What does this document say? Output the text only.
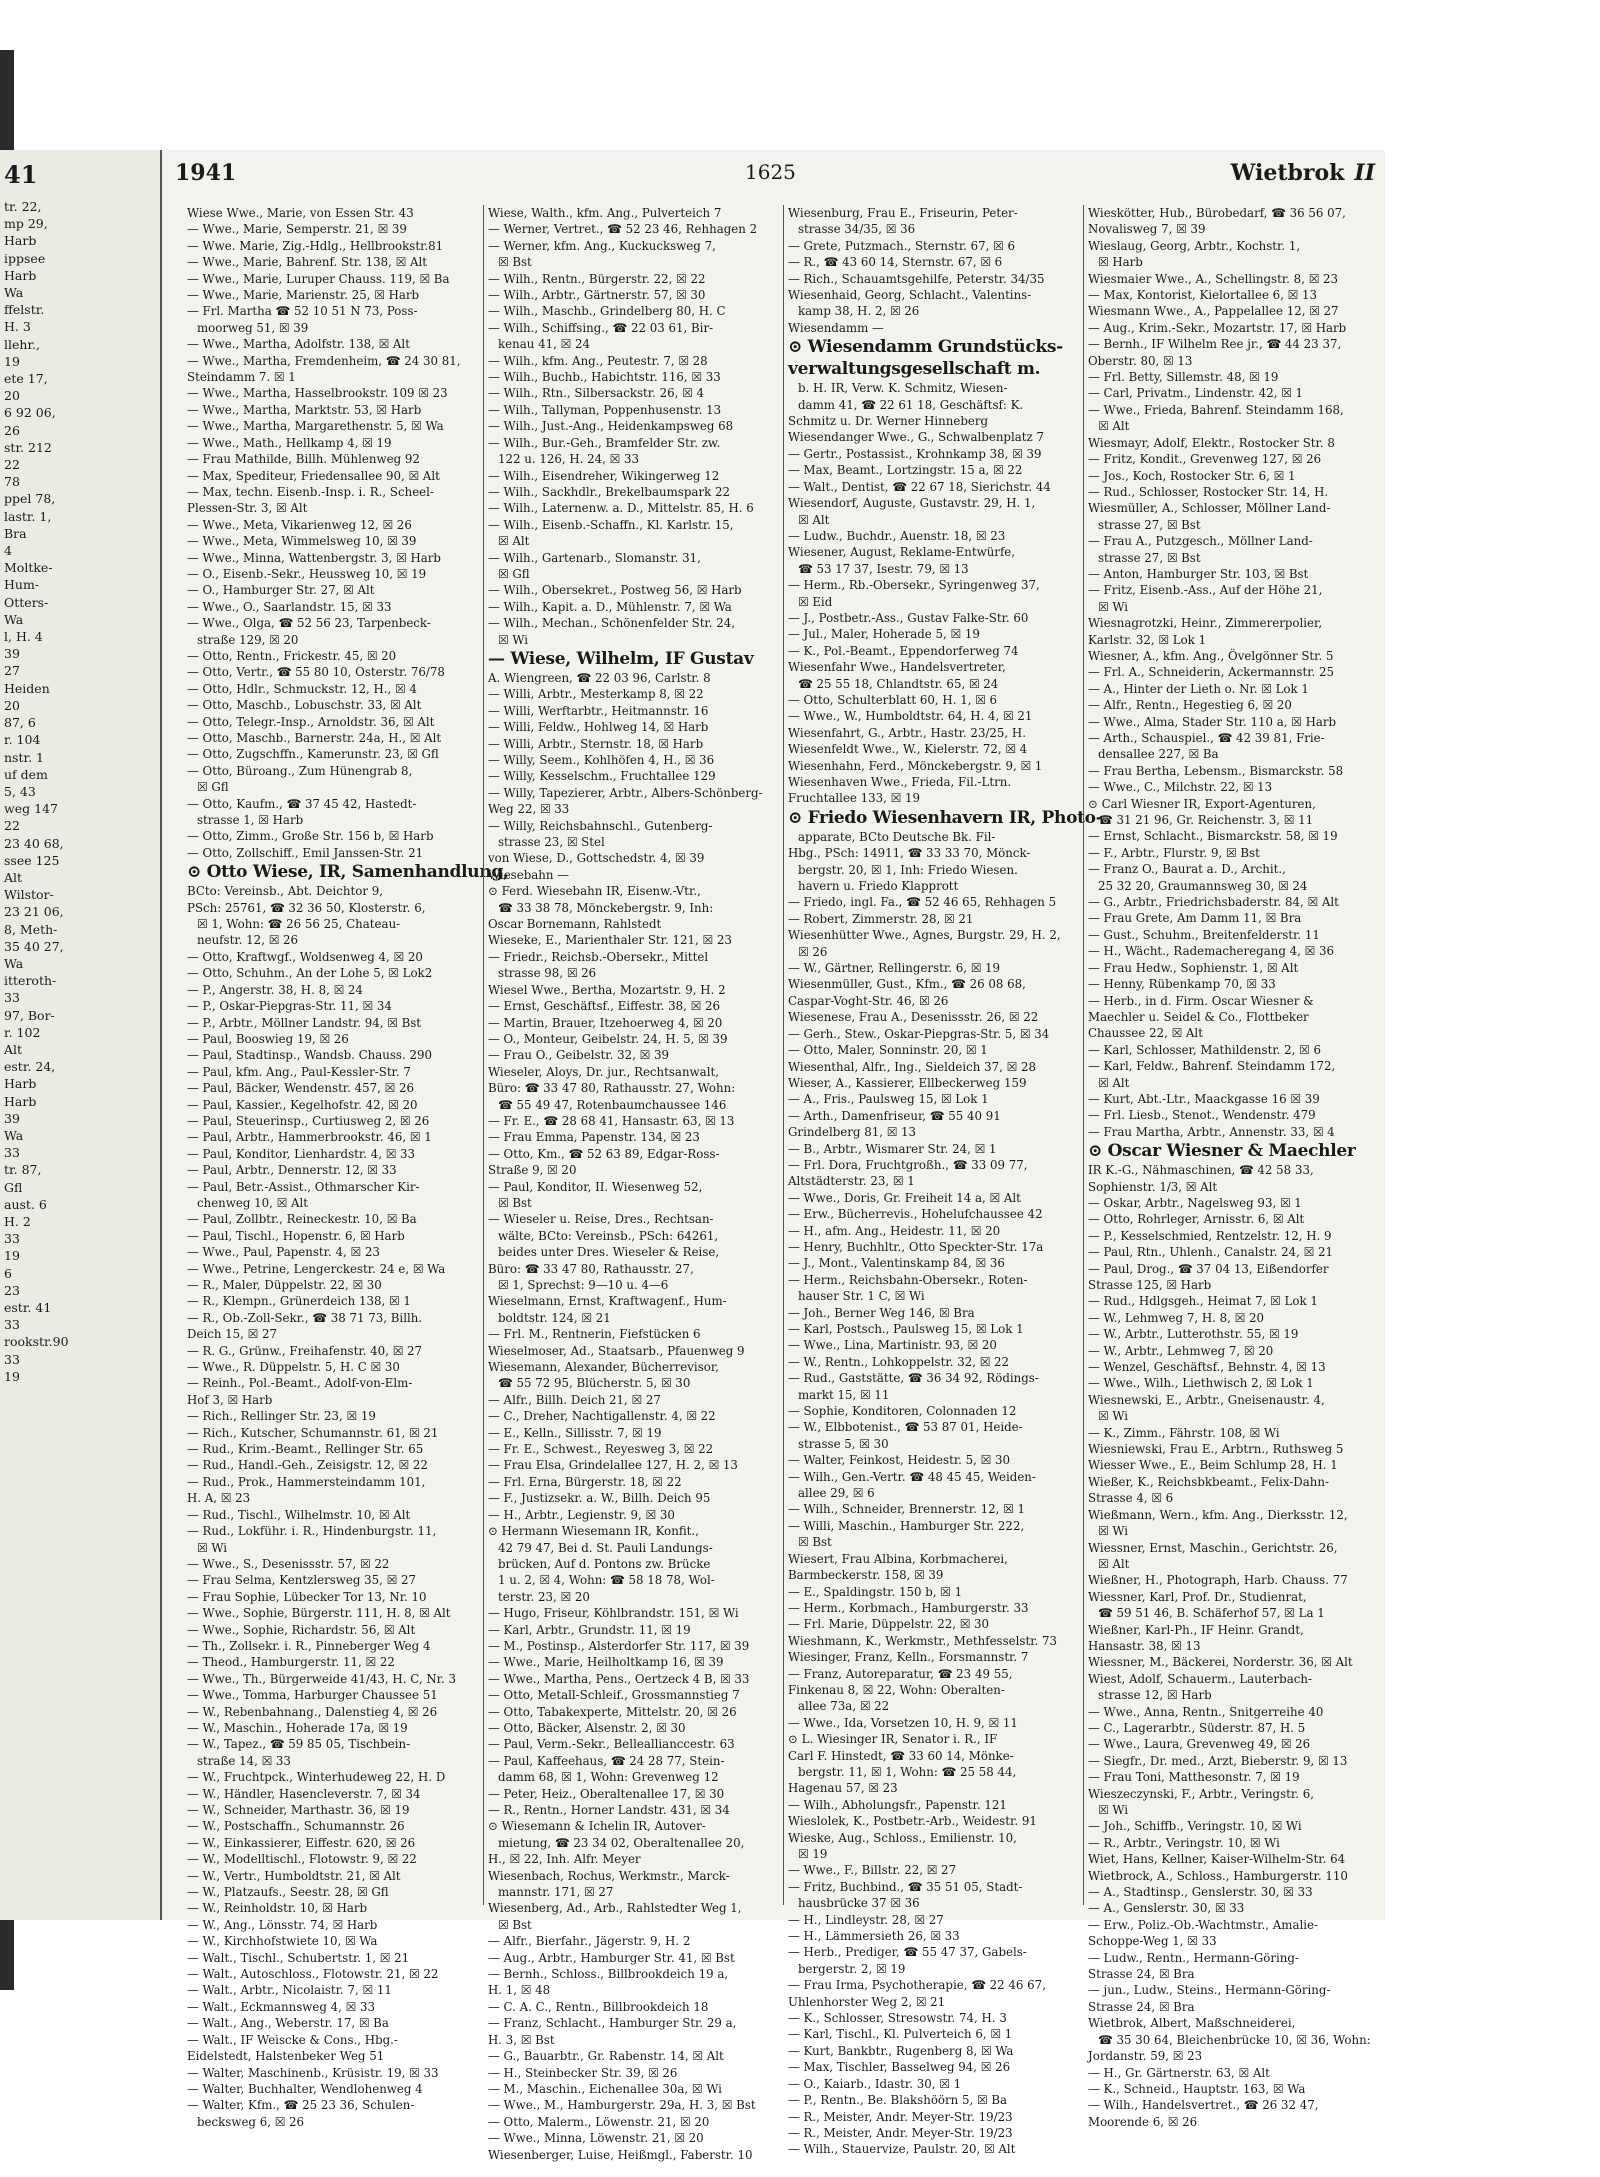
41
tr. 22,
mp 29,
Harb
ippsee
Harb
Wa
ffelstr.
H. 3
llehr.,
19
ete 17,
20
6 92 06,
26
str. 212
22
78
ppel 78,
lastr. 1,
Bra
4
Moltke-
Hum-
Otters-
Wa
l, H. 4
39
27
Heiden
20
87, 6
r. 104
nstr. 1
uf dem
5, 43
weg 147
22
23 40 68,
ssee 125
Alt
Wilstor-
23 21 06,
8, Meth-
35 40 27,
Wa
itteroth-
33
97, Bor-
r. 102
Alt
estr. 24,
Harb
Harb
39
Wa
33
tr. 87,
Gfl
aust. 6
H. 2
33
19
6
23
estr. 41
33
rookstr.90
33
19
1941	1625	Wietbrok II
Wiese Wwe., Marie, von Essen Str. 43
— Wwe., Marie, Semperstr. 21, ☒ 39
— Wwe. Marie, Zig.-Hdlg., Hellbrookstr.81
— Wwe., Marie, Bahrenf. Str. 138, ☒ Alt
— Wwe., Marie, Luruper Chauss. 119, ☒ Ba
— Wwe., Marie, Marienstr. 25, ☒ Harb
— Frl. Martha ☎ 52 10 51 N 73, Poss-
moorweg 51, ☒ 39
— Wwe., Martha, Adolfstr. 138, ☒ Alt
— Wwe., Martha, Fremdenheim, ☎ 24 30 81,
Steindamm 7. ☒ 1
— Wwe., Martha, Hasselbrookstr. 109 ☒ 23
— Wwe., Martha, Marktstr. 53, ☒ Harb
— Wwe., Martha, Margarethenstr. 5, ☒ Wa
— Wwe., Math., Hellkamp 4, ☒ 19
— Frau Mathilde, Billh. Mühlenweg 92
— Max, Spediteur, Friedensallee 90, ☒ Alt
— Max, techn. Eisenb.-Insp. i. R., Scheel-
Plessen-Str. 3, ☒ Alt
— Wwe., Meta, Vikarienweg 12, ☒ 26
— Wwe., Meta, Wimmelsweg 10, ☒ 39
— Wwe., Minna, Wattenbergstr. 3, ☒ Harb
— O., Eisenb.-Sekr., Heussweg 10, ☒ 19
— O., Hamburger Str. 27, ☒ Alt
— Wwe., O., Saarlandstr. 15, ☒ 33
— Wwe., Olga, ☎ 52 56 23, Tarpenbeck-
straße 129, ☒ 20
— Otto, Rentn., Frickestr. 45, ☒ 20
— Otto, Vertr., ☎ 55 80 10, Osterstr. 76/78
— Otto, Hdlr., Schmuckstr. 12, H., ☒ 4
— Otto, Maschb., Lobuschstr. 33, ☒ Alt
— Otto, Telegr.-Insp., Arnoldstr. 36, ☒ Alt
— Otto, Maschb., Barnerstr. 24a, H., ☒ Alt
— Otto, Zugschffn., Kamerunstr. 23, ☒ Gfl
— Otto, Büroang., Zum Hünengrab 8,
☒ Gfl
— Otto, Kaufm., ☎ 37 45 42, Hastedt-
strasse 1, ☒ Harb
— Otto, Zimm., Große Str. 156 b, ☒ Harb
— Otto, Zollschiff., Emil Janssen-Str. 21
⊙ Otto Wiese, IR, Samenhandlung,
BCto: Vereinsb., Abt. Deichtor 9,
PSch: 25761, ☎ 32 36 50, Klosterstr. 6,
☒ 1, Wohn: ☎ 26 56 25, Chateau-
neufstr. 12, ☒ 26
— Otto, Kraftwgf., Woldsenweg 4, ☒ 20
— Otto, Schuhm., An der Lohe 5, ☒ Lok2
— P., Angerstr. 38, H. 8, ☒ 24
— P., Oskar-Piepgras-Str. 11, ☒ 34
— P., Arbtr., Möllner Landstr. 94, ☒ Bst
— Paul, Booswieg 19, ☒ 26
— Paul, Stadtinsp., Wandsb. Chauss. 290
— Paul, kfm. Ang., Paul-Kessler-Str. 7
— Paul, Bäcker, Wendenstr. 457, ☒ 26
— Paul, Kassier., Kegelhofstr. 42, ☒ 20
— Paul, Steuerinsp., Curtiusweg 2, ☒ 26
— Paul, Arbtr., Hammerbrookstr. 46, ☒ 1
— Paul, Konditor, Lienhardstr. 4, ☒ 33
— Paul, Arbtr., Dennerstr. 12, ☒ 33
— Paul, Betr.-Assist., Othmarscher Kir-
chenweg 10, ☒ Alt
— Paul, Zollbtr., Reineckestr. 10, ☒ Ba
— Paul, Tischl., Hopenstr. 6, ☒ Harb
— Wwe., Paul, Papenstr. 4, ☒ 23
— Wwe., Petrine, Lengerckestr. 24 e, ☒ Wa
— R., Maler, Düppelstr. 22, ☒ 30
— R., Klempn., Grünerdeich 138, ☒ 1
— R., Ob.-Zoll-Sekr., ☎ 38 71 73, Billh.
Deich 15, ☒ 27
— R. G., Grünw., Freihafenstr. 40, ☒ 27
— Wwe., R. Düppelstr. 5, H. C ☒ 30
— Reinh., Pol.-Beamt., Adolf-von-Elm-
Hof 3, ☒ Harb
— Rich., Rellinger Str. 23, ☒ 19
— Rich., Kutscher, Schumannstr. 61, ☒ 21
— Rud., Krim.-Beamt., Rellinger Str. 65
— Rud., Handl.-Geh., Zeisigstr. 12, ☒ 22
— Rud., Prok., Hammersteindamm 101,
H. A, ☒ 23
— Rud., Tischl., Wilhelmstr. 10, ☒ Alt
— Rud., Lokführ. i. R., Hindenburgstr. 11,
☒ Wi
— Wwe., S., Desenissstr. 57, ☒ 22
— Frau Selma, Kentzlersweg 35, ☒ 27
— Frau Sophie, Lübecker Tor 13, Nr. 10
— Wwe., Sophie, Bürgerstr. 111, H. 8, ☒ Alt
— Wwe., Sophie, Richardstr. 56, ☒ Alt
— Th., Zollsekr. i. R., Pinneberger Weg 4
— Theod., Hamburgerstr. 11, ☒ 22
— Wwe., Th., Bürgerweide 41/43, H. C, Nr. 3
— Wwe., Tomma, Harburger Chaussee 51
— W., Rebenbahnang., Dalenstieg 4, ☒ 26
— W., Maschin., Hoherade 17a, ☒ 19
— W., Tapez., ☎ 59 85 05, Tischbein-
straße 14, ☒ 33
— W., Fruchtpck., Winterhudeweg 22, H. D
— W., Händler, Hasencleverstr. 7, ☒ 34
— W., Schneider, Marthastr. 36, ☒ 19
— W., Postschaffn., Schumannstr. 26
— W., Einkassierer, Eiffestr. 620, ☒ 26
— W., Modelltischl., Flotowstr. 9, ☒ 22
— W., Vertr., Humboldtstr. 21, ☒ Alt
— W., Platzaufs., Seestr. 28, ☒ Gfl
— W., Reinholdstr. 10, ☒ Harb
— W., Ang., Lönsstr. 74, ☒ Harb
— W., Kirchhofstwiete 10, ☒ Wa
— Walt., Tischl., Schubertstr. 1, ☒ 21
— Walt., Autoschloss., Flotowstr. 21, ☒ 22
— Walt., Arbtr., Nicolaistr. 7, ☒ 11
— Walt., Eckmannsweg 4, ☒ 33
— Walt., Ang., Weberstr. 17, ☒ Ba
— Walt., IF Weiscke & Cons., Hbg.-
Eidelstedt, Halstenbeker Weg 51
— Walter, Maschinenb., Krüsistr. 19, ☒ 33
— Walter, Buchhalter, Wendlohenweg 4
— Walter, Kfm., ☎ 25 23 36, Schulen-
becksweg 6, ☒ 26
Wiese, Walth., kfm. Ang., Pulverteich 7
— Werner, Vertret., ☎ 52 23 46, Rehhagen 2
— Werner, kfm. Ang., Kuckucksweg 7,
☒ Bst
— Wilh., Rentn., Bürgerstr. 22, ☒ 22
— Wilh., Arbtr., Gärtnerstr. 57, ☒ 30
— Wilh., Maschb., Grindelberg 80, H. C
— Wilh., Schiffsing., ☎ 22 03 61, Bir-
kenau 41, ☒ 24
— Wilh., kfm. Ang., Peutestr. 7, ☒ 28
— Wilh., Buchb., Habichtstr. 116, ☒ 33
— Wilh., Rtn., Silbersackstr. 26, ☒ 4
— Wilh., Tallyman, Poppenhusenstr. 13
— Wilh., Just.-Ang., Heidenkampsweg 68
— Wilh., Bur.-Geh., Bramfelder Str. zw.
122 u. 126, H. 24, ☒ 33
— Wilh., Eisendreher, Wikingerweg 12
— Wilh., Sackhdlr., Brekelbaumspark 22
— Wilh., Laternenw. a. D., Mittelstr. 85, H. 6
— Wilh., Eisenb.-Schaffn., Kl. Karlstr. 15,
☒ Alt
— Wilh., Gartenarb., Slomanstr. 31,
☒ Gfl
— Wilh., Obersekret., Postweg 56, ☒ Harb
— Wilh., Kapit. a. D., Mühlenstr. 7, ☒ Wa
— Wilh., Mechan., Schönenfelder Str. 24,
☒ Wi
— Wiese, Wilhelm, IF Gustav
A. Wiengreen, ☎ 22 03 96, Carlstr. 8
— Willi, Arbtr., Mesterkamp 8, ☒ 22
— Willi, Werftarbtr., Heitmannstr. 16
— Willi, Feldw., Hohlweg 14, ☒ Harb
— Willi, Arbtr., Sternstr. 18, ☒ Harb
— Willy, Seem., Kohlhöfen 4, H., ☒ 36
— Willy, Kesselschm., Fruchtallee 129
— Willy, Tapezierer, Arbtr., Albers-Schönberg-
Weg 22, ☒ 33
— Willy, Reichsbahnschl., Gutenberg-
strasse 23, ☒ Stel
von Wiese, D., Gottschedstr. 4, ☒ 39
Wiesebahn —
⊙ Ferd. Wiesebahn IR, Eisenw.-Vtr.,
☎ 33 38 78, Mönckebergstr. 9, Inh:
Oscar Bornemann, Rahlstedt
Wieseke, E., Marienthaler Str. 121, ☒ 23
— Friedr., Reichsb.-Obersekr., Mittel
strasse 98, ☒ 26
Wiesel Wwe., Bertha, Mozartstr. 9, H. 2
— Ernst, Geschäftsf., Eiffestr. 38, ☒ 26
— Martin, Brauer, Itzehoerweg 4, ☒ 20
— O., Monteur, Geibelstr. 24, H. 5, ☒ 39
— Frau O., Geibelstr. 32, ☒ 39
Wieseler, Aloys, Dr. jur., Rechtsanwalt,
Büro: ☎ 33 47 80, Rathausstr. 27, Wohn:
☎ 55 49 47, Rotenbaumchaussee 146
— Fr. E., ☎ 28 68 41, Hansastr. 63, ☒ 13
— Frau Emma, Papenstr. 134, ☒ 23
— Otto, Km., ☎ 52 63 89, Edgar-Ross-
Straße 9, ☒ 20
— Paul, Konditor, II. Wiesenweg 52,
☒ Bst
— Wieseler u. Reise, Dres., Rechtsan-
wälte, BCto: Vereinsb., PSch: 64261,
beides unter Dres. Wieseler & Reise,
Büro: ☎ 33 47 80, Rathausstr. 27,
☒ 1, Sprechst: 9—10 u. 4—6
Wieselmann, Ernst, Kraftwagenf., Hum-
boldtstr. 124, ☒ 21
— Frl. M., Rentnerin, Fiefstücken 6
Wieselmoser, Ad., Staatsarb., Pfauenweg 9
Wiesemann, Alexander, Bücherrevisor,
☎ 55 72 95, Blücherstr. 5, ☒ 30
— Alfr., Billh. Deich 21, ☒ 27
— C., Dreher, Nachtigallenstr. 4, ☒ 22
— E., Kelln., Sillisstr. 7, ☒ 19
— Fr. E., Schwest., Reyesweg 3, ☒ 22
— Frau Elsa, Grindelallee 127, H. 2, ☒ 13
— Frl. Erna, Bürgerstr. 18, ☒ 22
— F., Justizsekr. a. W., Billh. Deich 95
— H., Arbtr., Legienstr. 9, ☒ 30
⊙ Hermann Wiesemann IR, Konfit.,
42 79 47, Bei d. St. Pauli Landungs-
brücken, Auf d. Pontons zw. Brücke
1 u. 2, ☒ 4, Wohn: ☎ 58 18 78, Wol-
terstr. 23, ☒ 20
— Hugo, Friseur, Köhlbrandstr. 151, ☒ Wi
— Karl, Arbtr., Grundstr. 11, ☒ 19
— M., Postinsp., Alsterdorfer Str. 117, ☒ 39
— Wwe., Marie, Heilholtkamp 16, ☒ 39
— Wwe., Martha, Pens., Oertzeck 4 B, ☒ 33
— Otto, Metall-Schleif., Grossmannstieg 7
— Otto, Tabakexperte, Mittelstr. 20, ☒ 26
— Otto, Bäcker, Alsenstr. 2, ☒ 30
— Paul, Verm.-Sekr., Belleallianccestr. 63
— Paul, Kaffeehaus, ☎ 24 28 77, Stein-
damm 68, ☒ 1, Wohn: Grevenweg 12
— Peter, Heiz., Oberaltenallee 17, ☒ 30
— R., Rentn., Horner Landstr. 431, ☒ 34
⊙ Wiesemann & Ichelin IR, Autover-
mietung, ☎ 23 34 02, Oberaltenallee 20,
H., ☒ 22, Inh. Alfr. Meyer
Wiesenbach, Rochus, Werkmstr., Marck-
mannstr. 171, ☒ 27
Wiesenberg, Ad., Arb., Rahlstedter Weg 1,
☒ Bst
— Alfr., Bierfahr., Jägerstr. 9, H. 2
— Aug., Arbtr., Hamburger Str. 41, ☒ Bst
— Bernh., Schloss., Billbrookdeich 19 a,
H. 1, ☒ 48
— C. A. C., Rentn., Billbrookdeich 18
— Franz, Schlacht., Hamburger Str. 29 a,
H. 3, ☒ Bst
— G., Bauarbtr., Gr. Rabenstr. 14, ☒ Alt
— H., Steinbecker Str. 39, ☒ 26
— M., Maschin., Eichenallee 30a, ☒ Wi
— Wwe., M., Hamburgerstr. 29a, H. 3, ☒ Bst
— Otto, Malerm., Löwenstr. 21, ☒ 20
— Wwe., Minna, Löwenstr. 21, ☒ 20
Wiesenberger, Luise, Heißmgl., Faberstr. 10
Wiesenburg, Frau E., Friseurin, Peter-
strasse 34/35, ☒ 36
— Grete, Putzmach., Sternstr. 67, ☒ 6
— R., ☎ 43 60 14, Sternstr. 67, ☒ 6
— Rich., Schauamtsgehilfe, Peterstr. 34/35
Wiesenhaid, Georg, Schlacht., Valentins-
kamp 38, H. 2, ☒ 26
Wiesendamm —
⊙ Wiesendamm Grundstücks-
verwaltungsgesellschaft m.
b. H. IR, Verw. K. Schmitz, Wiesen-
damm 41, ☎ 22 61 18, Geschäftsf: K.
Schmitz u. Dr. Werner Hinneberg
Wiesendanger Wwe., G., Schwalbenplatz 7
— Gertr., Postassist., Krohnkamp 38, ☒ 39
— Max, Beamt., Lortzingstr. 15 a, ☒ 22
— Walt., Dentist, ☎ 22 67 18, Sierichstr. 44
Wiesendorf, Auguste, Gustavstr. 29, H. 1,
☒ Alt
— Ludw., Buchdr., Auenstr. 18, ☒ 23
Wiesener, August, Reklame-Entwürfe,
☎ 53 17 37, Isestr. 79, ☒ 13
— Herm., Rb.-Obersekr., Syringenweg 37,
☒ Eid
— J., Postbetr.-Ass., Gustav Falke-Str. 60
— Jul., Maler, Hoherade 5, ☒ 19
— K., Pol.-Beamt., Eppendorferweg 74
Wiesenfahr Wwe., Handelsvertreter,
☎ 25 55 18, Chlandtstr. 65, ☒ 24
— Otto, Schulterblatt 60, H. 1, ☒ 6
— Wwe., W., Humboldtstr. 64, H. 4, ☒ 21
Wiesenfahrt, G., Arbtr., Hastr. 23/25, H.
Wiesenfeldt Wwe., W., Kielerstr. 72, ☒ 4
Wiesenhahn, Ferd., Mönckebergstr. 9, ☒ 1
Wiesenhaven Wwe., Frieda, Fil.-Ltrn.
Fruchtallee 133, ☒ 19
⊙ Friedo Wiesenhavern IR, Photo-
apparate, BCto Deutsche Bk. Fil-
Hbg., PSch: 14911, ☎ 33 33 70, Mönck-
bergstr. 20, ☒ 1, Inh: Friedo Wiesen.
havern u. Friedo Klapprott
— Friedo, ingl. Fa., ☎ 52 46 65, Rehhagen 5
— Robert, Zimmerstr. 28, ☒ 21
Wiesenhütter Wwe., Agnes, Burgstr. 29, H. 2,
☒ 26
— W., Gärtner, Rellingerstr. 6, ☒ 19
Wiesenmüller, Gust., Kfm., ☎ 26 08 68,
Caspar-Voght-Str. 46, ☒ 26
Wiesenese, Frau A., Desenissstr. 26, ☒ 22
— Gerh., Stew., Oskar-Piepgras-Str. 5, ☒ 34
— Otto, Maler, Sonninstr. 20, ☒ 1
Wiesenthal, Alfr., Ing., Sieldeich 37, ☒ 28
Wieser, A., Kassierer, Ellbeckerweg 159
— A., Fris., Paulsweg 15, ☒ Lok 1
— Arth., Damenfriseur, ☎ 55 40 91
Grindelberg 81, ☒ 13
— B., Arbtr., Wismarer Str. 24, ☒ 1
— Frl. Dora, Fruchtgroßh., ☎ 33 09 77,
Altstädterstr. 23, ☒ 1
— Wwe., Doris, Gr. Freiheit 14 a, ☒ Alt
— Erw., Bücherrevis., Hohelufchaussee 42
— H., afm. Ang., Heidestr. 11, ☒ 20
— Henry, Buchhltr., Otto Speckter-Str. 17a
— J., Mont., Valentinskamp 84, ☒ 36
— Herm., Reichsbahn-Obersekr., Roten-
hauser Str. 1 C, ☒ Wi
— Joh., Berner Weg 146, ☒ Bra
— Karl, Postsch., Paulsweg 15, ☒ Lok 1
— Wwe., Lina, Martinistr. 93, ☒ 20
— W., Rentn., Lohkoppelstr. 32, ☒ 22
— Rud., Gaststätte, ☎ 36 34 92, Rödings-
markt 15, ☒ 11
— Sophie, Konditoren, Colonnaden 12
— W., Elbbotenist., ☎ 53 87 01, Heide-
strasse 5, ☒ 30
— Walter, Feinkost, Heidestr. 5, ☒ 30
— Wilh., Gen.-Vertr. ☎ 48 45 45, Weiden-
allee 29, ☒ 6
— Wilh., Schneider, Brennerstr. 12, ☒ 1
— Willi, Maschin., Hamburger Str. 222,
☒ Bst
Wiesert, Frau Albina, Korbmacherei,
Barmbeckerstr. 158, ☒ 39
— E., Spaldingstr. 150 b, ☒ 1
— Herm., Korbmach., Hamburgerstr. 33
— Frl. Marie, Düppelstr. 22, ☒ 30
Wieshmann, K., Werkmstr., Methfesselstr. 73
Wiesinger, Franz, Kelln., Forsmannstr. 7
— Franz, Autoreparatur, ☎ 23 49 55,
Finkenau 8, ☒ 22, Wohn: Oberalten-
allee 73a, ☒ 22
— Wwe., Ida, Vorsetzen 10, H. 9, ☒ 11
⊙ L. Wiesinger IR, Senator i. R., IF
Carl F. Hinstedt, ☎ 33 60 14, Mönke-
bergstr. 11, ☒ 1, Wohn: ☎ 25 58 44,
Hagenau 57, ☒ 23
— Wilh., Abholungsfr., Papenstr. 121
Wieslolek, K., Postbetr.-Arb., Weidestr. 91
Wieske, Aug., Schloss., Emilienstr. 10,
☒ 19
— Wwe., F., Billstr. 22, ☒ 27
— Fritz, Buchbind., ☎ 35 51 05, Stadt-
hausbrücke 37 ☒ 36
— H., Lindleystr. 28, ☒ 27
— H., Lämmersieth 26, ☒ 33
— Herb., Prediger, ☎ 55 47 37, Gabels-
bergerstr. 2, ☒ 19
— Frau Irma, Psychotherapie, ☎ 22 46 67,
Uhlenhorster Weg 2, ☒ 21
— K., Schlosser, Stresowstr. 74, H. 3
— Karl, Tischl., Kl. Pulverteich 6, ☒ 1
— Kurt, Bankbtr., Rugenberg 8, ☒ Wa
— Max, Tischler, Basselweg 94, ☒ 26
— O., Kaiarb., Idastr. 30, ☒ 1
— P., Rentn., Be. Blakshöörn 5, ☒ Ba
— R., Meister, Andr. Meyer-Str. 19/23
— R., Meister, Andr. Meyer-Str. 19/23
— Wilh., Stauervize, Paulstr. 20, ☒ Alt
Wieskötter, Hub., Bürobedarf, ☎ 36 56 07,
Novalisweg 7, ☒ 39
Wieslaug, Georg, Arbtr., Kochstr. 1,
☒ Harb
Wiesmaier Wwe., A., Schellingstr. 8, ☒ 23
— Max, Kontorist, Kielortallee 6, ☒ 13
Wiesmann Wwe., A., Pappelallee 12, ☒ 27
— Aug., Krim.-Sekr., Mozartstr. 17, ☒ Harb
— Bernh., IF Wilhelm Ree jr., ☎ 44 23 37,
Oberstr. 80, ☒ 13
— Frl. Betty, Sillemstr. 48, ☒ 19
— Carl, Privatm., Lindenstr. 42, ☒ 1
— Wwe., Frieda, Bahrenf. Steindamm 168,
☒ Alt
Wiesmayr, Adolf, Elektr., Rostocker Str. 8
— Fritz, Kondit., Grevenweg 127, ☒ 26
— Jos., Koch, Rostocker Str. 6, ☒ 1
— Rud., Schlosser, Rostocker Str. 14, H.
Wiesmüller, A., Schlosser, Möllner Land-
strasse 27, ☒ Bst
— Frau A., Putzgesch., Möllner Land-
strasse 27, ☒ Bst
— Anton, Hamburger Str. 103, ☒ Bst
— Fritz, Eisenb.-Ass., Auf der Höhe 21,
☒ Wi
Wiesnagrotzki, Heinr., Zimmererpolier,
Karlstr. 32, ☒ Lok 1
Wiesner, A., kfm. Ang., Övelgönner Str. 5
— Frl. A., Schneiderin, Ackermannstr. 25
— A., Hinter der Lieth o. Nr. ☒ Lok 1
— Alfr., Rentn., Hegestieg 6, ☒ 20
— Wwe., Alma, Stader Str. 110 a, ☒ Harb
— Arth., Schauspiel., ☎ 42 39 81, Frie-
densallee 227, ☒ Ba
— Frau Bertha, Lebensm., Bismarckstr. 58
— Wwe., C., Milchstr. 22, ☒ 13
⊙ Carl Wiesner IR, Export-Agenturen,
☎ 31 21 96, Gr. Reichenstr. 3, ☒ 11
— Ernst, Schlacht., Bismarckstr. 58, ☒ 19
— F., Arbtr., Flurstr. 9, ☒ Bst
— Franz O., Baurat a. D., Archit.,
25 32 20, Graumannsweg 30, ☒ 24
— G., Arbtr., Friedrichsbaderstr. 84, ☒ Alt
— Frau Grete, Am Damm 11, ☒ Bra
— Gust., Schuhm., Breitenfelderstr. 11
— H., Wächt., Rademacheregang 4, ☒ 36
— Frau Hedw., Sophienstr. 1, ☒ Alt
— Henny, Rübenkamp 70, ☒ 33
— Herb., in d. Firm. Oscar Wiesner &
Maechler u. Seidel & Co., Flottbeker
Chaussee 22, ☒ Alt
— Karl, Schlosser, Mathildenstr. 2, ☒ 6
— Karl, Feldw., Bahrenf. Steindamm 172,
☒ Alt
— Kurt, Abt.-Ltr., Maackgasse 16 ☒ 39
— Frl. Liesb., Stenot., Wendenstr. 479
— Frau Martha, Arbtr., Annenstr. 33, ☒ 4
⊙ Oscar Wiesner & Maechler
IR K.-G., Nähmaschinen, ☎ 42 58 33,
Sophienstr. 1/3, ☒ Alt
— Oskar, Arbtr., Nagelsweg 93, ☒ 1
— Otto, Rohrleger, Arnisstr. 6, ☒ Alt
— P., Kesselschmied, Rentzelstr. 12, H. 9
— Paul, Rtn., Uhlenh., Canalstr. 24, ☒ 21
— Paul, Drog., ☎ 37 04 13, Eißendorfer
Strasse 125, ☒ Harb
— Rud., Hdlgsgeh., Heimat 7, ☒ Lok 1
— W., Lehmweg 7, H. 8, ☒ 20
— W., Arbtr., Lutterothstr. 55, ☒ 19
— W., Arbtr., Lehmweg 7, ☒ 20
— Wenzel, Geschäftsf., Behnstr. 4, ☒ 13
— Wwe., Wilh., Liethwisch 2, ☒ Lok 1
Wiesnewski, E., Arbtr., Gneisenaustr. 4,
☒ Wi
— K., Zimm., Fährstr. 108, ☒ Wi
Wiesniewski, Frau E., Arbtrn., Ruthsweg 5
Wiesser Wwe., E., Beim Schlump 28, H. 1
Wießer, K., Reichsbkbeamt., Felix-Dahn-
Strasse 4, ☒ 6
Wießmann, Wern., kfm. Ang., Dierksstr. 12,
☒ Wi
Wiessner, Ernst, Maschin., Gerichtstr. 26,
☒ Alt
Wießner, H., Photograph, Harb. Chauss. 77
Wiessner, Karl, Prof. Dr., Studienrat,
☎ 59 51 46, B. Schäferhof 57, ☒ La 1
Wießner, Karl-Ph., IF Heinr. Grandt,
Hansastr. 38, ☒ 13
Wiessner, M., Bäckerei, Norderstr. 36, ☒ Alt
Wiest, Adolf, Schauerm., Lauterbach-
strasse 12, ☒ Harb
— Wwe., Anna, Rentn., Snitgerreihe 40
— C., Lagerarbtr., Süderstr. 87, H. 5
— Wwe., Laura, Grevenweg 49, ☒ 26
— Siegfr., Dr. med., Arzt, Bieberstr. 9, ☒ 13
— Frau Toni, Matthesonstr. 7, ☒ 19
Wieszeczynski, F., Arbtr., Veringstr. 6,
☒ Wi
— Joh., Schiffb., Veringstr. 10, ☒ Wi
— R., Arbtr., Veringstr. 10, ☒ Wi
Wiet, Hans, Kellner, Kaiser-Wilhelm-Str. 64
Wietbrock, A., Schloss., Hamburgerstr. 110
— A., Stadtinsp., Genslerstr. 30, ☒ 33
— A., Genslerstr. 30, ☒ 33
— Erw., Poliz.-Ob.-Wachtmstr., Amalie-
Schoppe-Weg 1, ☒ 33
— Ludw., Rentn., Hermann-Göring-
Strasse 24, ☒ Bra
— jun., Ludw., Steins., Hermann-Göring-
Strasse 24, ☒ Bra
Wietbrok, Albert, Maßschneiderei,
☎ 35 30 64, Bleichenbrücke 10, ☒ 36, Wohn:
Jordanstr. 59, ☒ 23
— H., Gr. Gärtnerstr. 63, ☒ Alt
— K., Schneid., Hauptstr. 163, ☒ Wa
— Wilh., Handelsvertret., ☎ 26 32 47,
Moorende 6, ☒ 26
